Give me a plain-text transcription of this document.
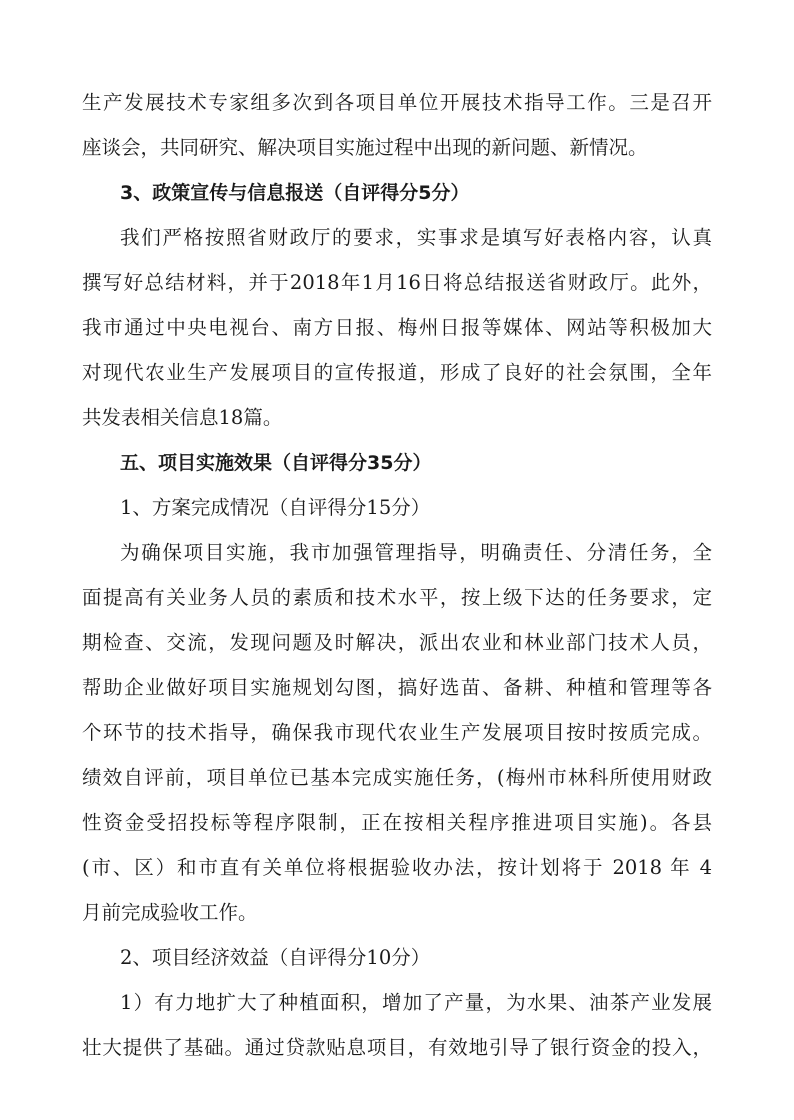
生产发展技术专家组多次到各项目单位开展技术指导工作。三是召开
座谈会，共同研究、解决项目实施过程中出现的新问题、新情况。
3、政策宣传与信息报送（自评得分5分）
我们严格按照省财政厅的要求，实事求是填写好表格内容，认真
撰写好总结材料，并于2018年1月16日将总结报送省财政厅。此外，
我市通过中央电视台、南方日报、梅州日报等媒体、网站等积极加大
对现代农业生产发展项目的宣传报道，形成了良好的社会氛围，全年
共发表相关信息18篇。
五、项目实施效果（自评得分35分）
1、方案完成情况（自评得分15分）
为确保项目实施，我市加强管理指导，明确责任、分清任务，全
面提高有关业务人员的素质和技术水平，按上级下达的任务要求，定
期检查、交流，发现问题及时解决，派出农业和林业部门技术人员，
帮助企业做好项目实施规划勾图，搞好选苗、备耕、种植和管理等各
个环节的技术指导，确保我市现代农业生产发展项目按时按质完成。
绩效自评前，项目单位已基本完成实施任务，(梅州市林科所使用财政
性资金受招投标等程序限制，正在按相关程序推进项目实施)。各县
(市、区）和市直有关单位将根据验收办法，按计划将于 2018 年 4
月前完成验收工作。
2、项目经济效益（自评得分10分）
1）有力地扩大了种植面积，增加了产量，为水果、油茶产业发展
壮大提供了基础。通过贷款贴息项目，有效地引导了银行资金的投入，
